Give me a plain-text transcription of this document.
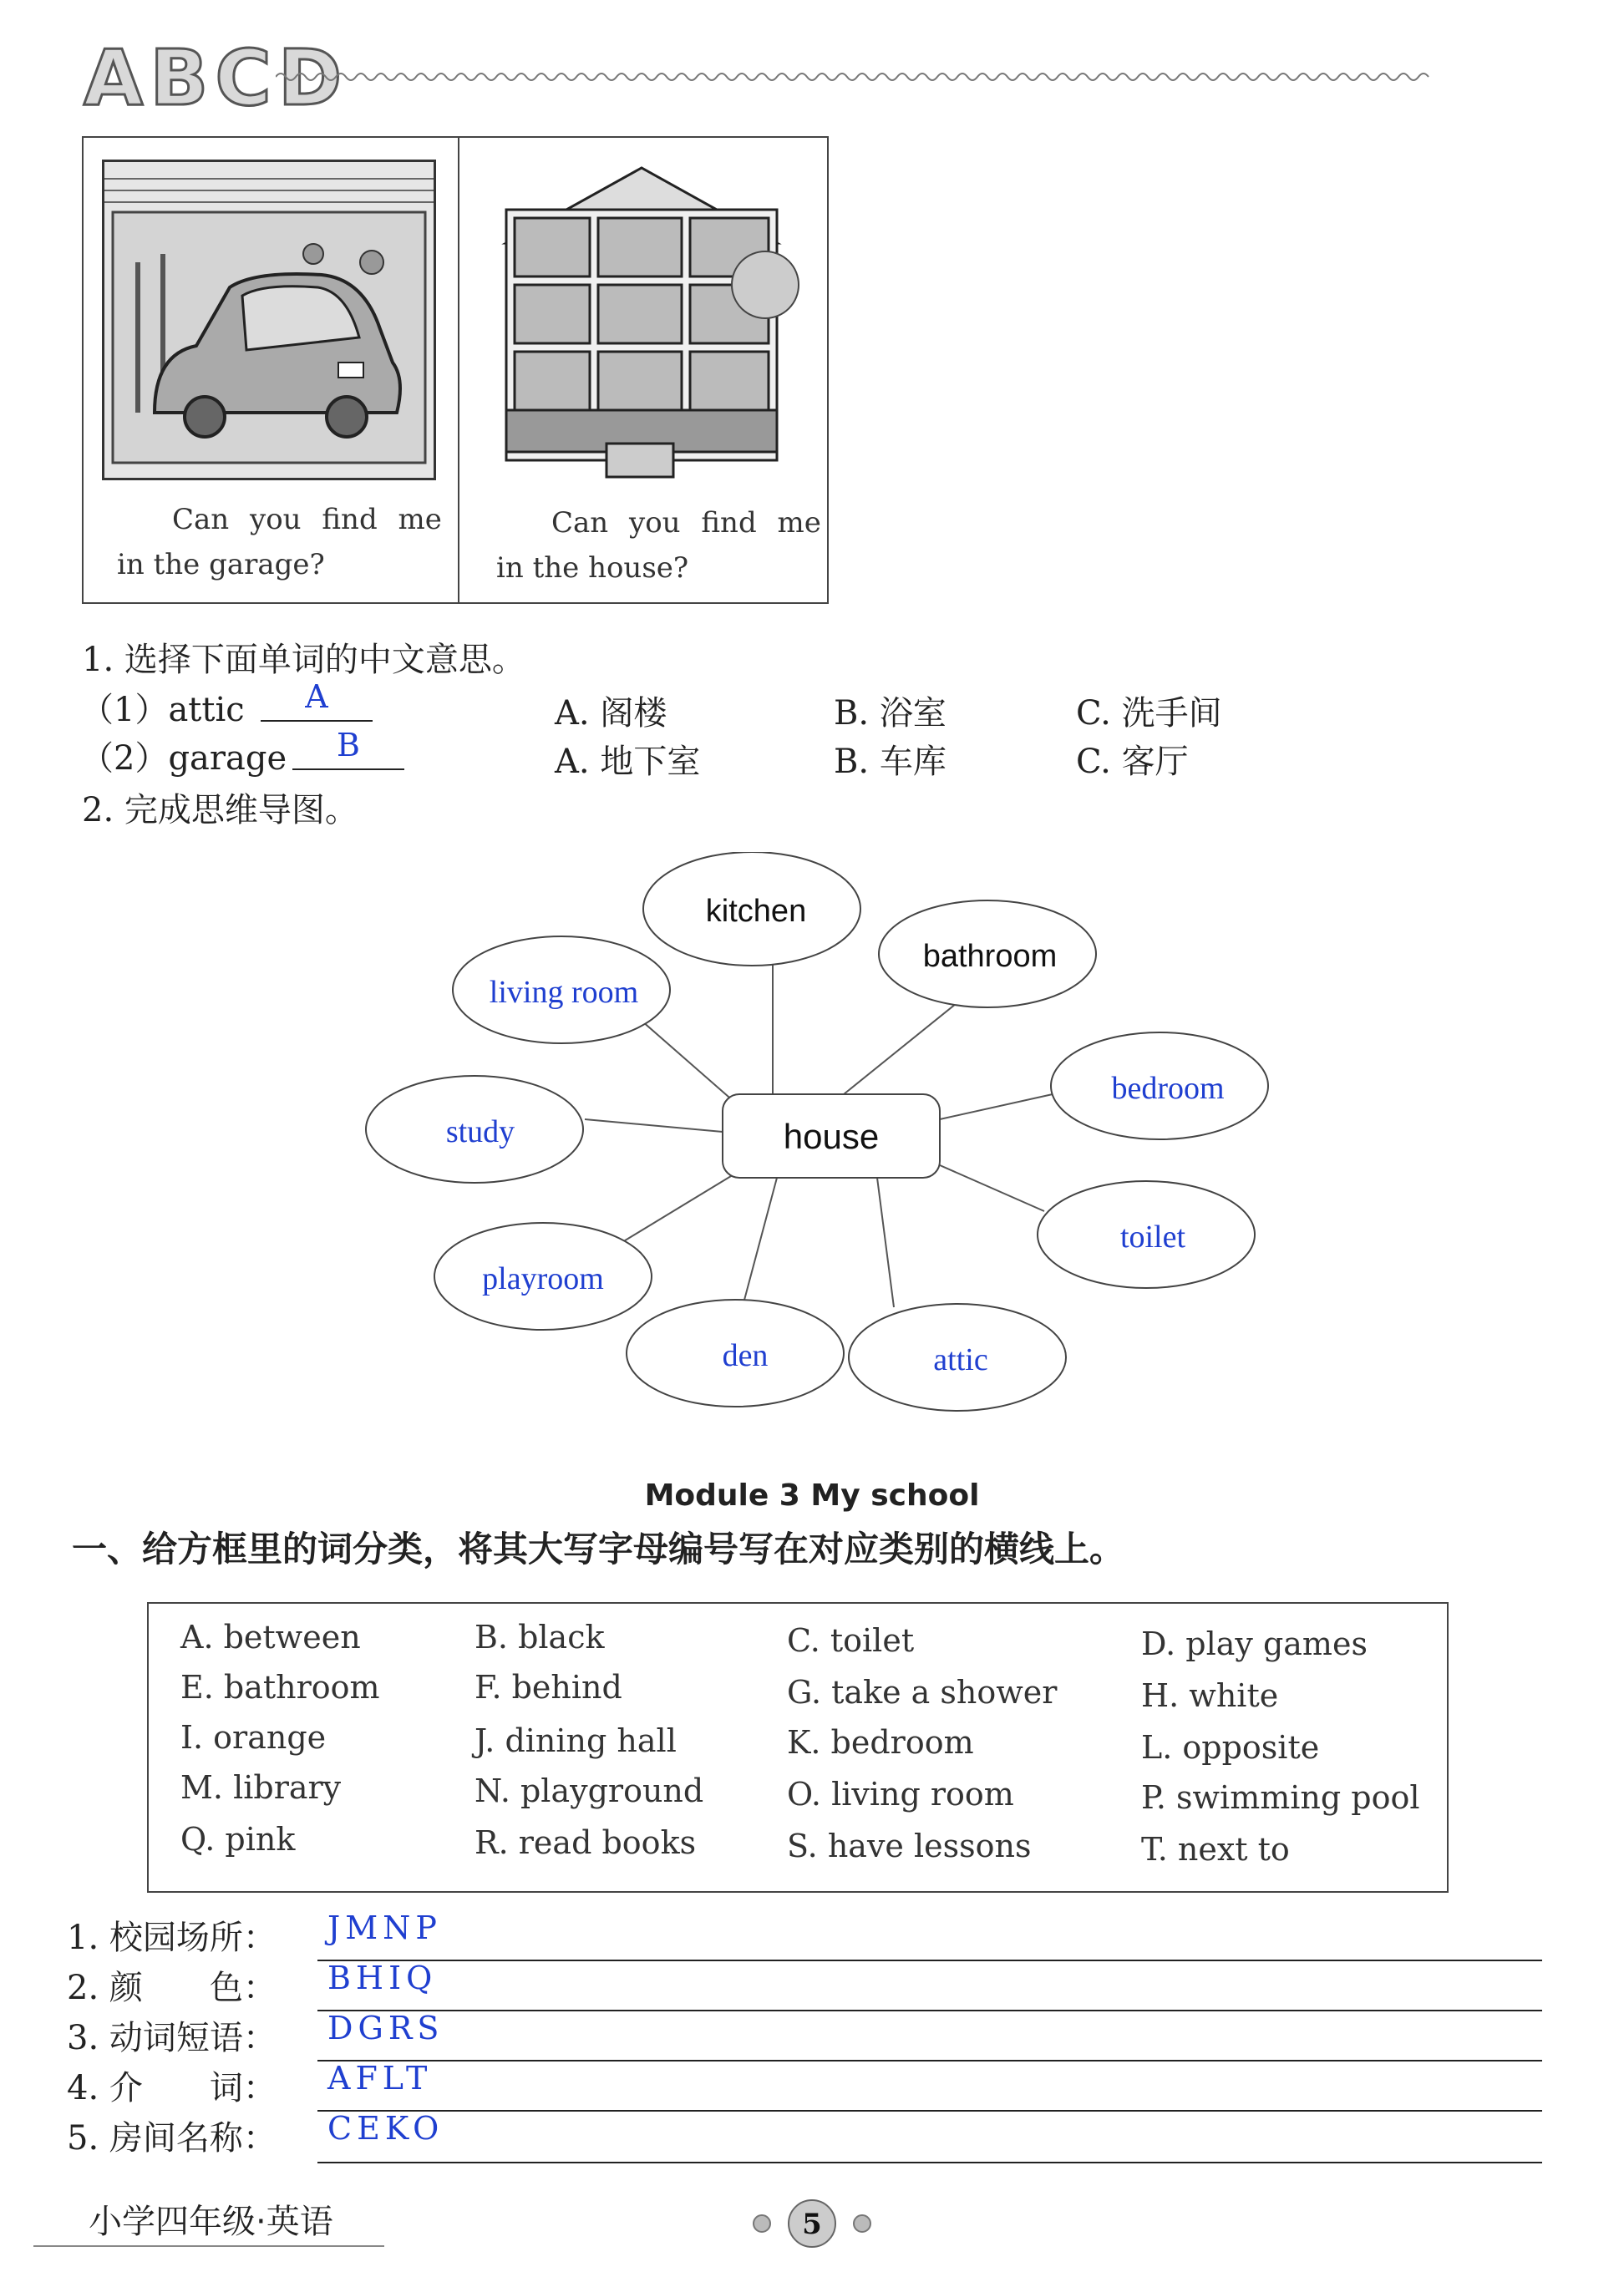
ABCD
Can you find me
in the garage?
Can you find me
in the house?
1. 选择下面单词的中文意思。
（1）attic	A	A. 阁楼	B. 浴室	C. 洗手间
（2）garage	B	A. 地下室	B. 车库	C. 客厅
2. 完成思维导图。
house
kitchen
bathroom
living room
bedroom
study
toilet
playroom
den	attic
Module 3 My school
一、给方框里的词分类，将其大写字母编号写在对应类别的横线上。
A. between	B. black	C. toilet	D. play games
E. bathroom	F. behind	G. take a shower	H. white
I. orange	J. dining hall	K. bedroom	L. opposite
M. library	N. playground	O. living room	P. swimming pool
Q. pink	R. read books	S. have lessons	T. next to
1. 校园场所： JMNP
2. 颜　　色： BHIQ
3. 动词短语： DGRS
4. 介　　词： AFLT
5. 房间名称： CEKO
小学四年级·英语	5
